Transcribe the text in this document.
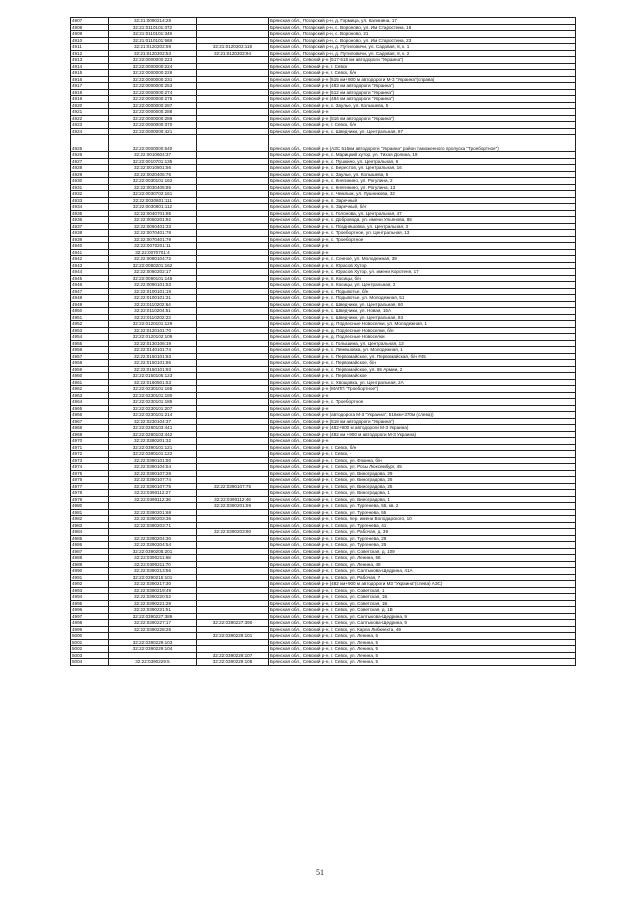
4907	32:21:0090214:28		Брянская обл., Погарский р-н, д. Гормица, ул. Калинина, 17
4908	32:21:0110101:372		Брянская обл., Погарский р-н, с. Вороново, ул. Им Старостина, 18
4909	32:21:0110101:349		Брянская обл., Погарский р-н, с. Вороново, 21
4910	32:21:0110101:568		Брянская обл., Погарский р-н, с. Вороново, ул. Им Старостина, 23
4911	32:21:0120202:59	32:21:0120202:118	Брянская обл., Погарский р-н, д. Путиловичи, ул. Садовая, 8, к. 1
4912	32:21:0120202:53	32:21:0120202:94	Брянская обл., Погарский р-н, д. Путиловичи, ул. Садовая, 8, к. 2
4913	32:22:0000000:223		Брянская обл., Севский р-н (517-518 км автодороги "Украина")
4914	32:22:0000000:224		Брянская обл., Севский р-н, г. Севск
4915	32:22:0000000:226		Брянская обл., Севский р-н, г. Севск, б/н
4916	32:22:0000000:231		Брянская обл., Севский р-н (515 км+900 м автодороги М-3 "Украина"(справа)
4917	32:22:0000000:253		Брянская обл., Севский р-н (483 км автодороги "Украина")
4918	32:22:0000000:274		Брянская обл., Севский р-н (512 км автодороги "Украина")
4919	32:22:0000000:275		Брянская обл., Севский р-н (484 км автодороги "Украина")
4920	32:22:0000000:287		Брянская обл., Севский р-н, с. Заулье, ул. Колышева, 5
4921	32:22:0000000:288		Брянская обл., Севский р-н
4922	32:22:0000000:289		Брянская обл., Севский р-н (516 км автодороги "Украина")
4923	32:22:0000000:370		Брянская обл., Севский р-н, г. Севск, б/н
4924	32:22:0000000:421		Брянская обл., Севский р-н, с. Шведчики, ул. Центральная, 87
4925	32:22:0000000:540		Брянская обл., Севский р-н (АЗС 515км автодороги "Украина" район таможенного пропуска "Троебортное")
4926	32:22:0010604:37		Брянская обл., Севский р-н, с. Марицкий хутор, ул. Тихая Долина, 19
4927	32:22:0010701:135		Брянская обл., Севский р-н, с. Пушкино, ул. Центральная, 6
4928	32:22:0010801:56		Брянская обл., Севский р-н, с. Берестов, ул. Центральная, 16
4929	32:22:0020406:76		Брянская обл., Севский р-н, с. Заулье, ул. Колышева, 5
4930	32:22:0030101:162		Брянская обл., Севский р-н, с. Княгинино, ул. Рогулина, 2
4931	32:22:0030405:85		Брянская обл., Севский р-н, с. Княгинино, ул. Рогулина, 13
4932	32:22:0030702:161		Брянская обл., Севский р-н, с. Чемлыж, ул. Лушникова, 32
4933	32:22:0030801:111		Брянская обл., Севский р-н, п. Заречный
4934	32:22:0030801:112		Брянская обл., Севский р-н, п. Заречный, б/н
4935	32:22:0040701:95		Брянская обл., Севский р-н, с. Голонова, ул. Центральная, 47
4936	32:22:0050201:92		Брянская обл., Севский р-н, с. Добровода, ул. имени Ульянова, 85
4937	32:22:0060401:33		Брянская обл., Севский р-н, с. Поздняшовка, ул. Центральная, 3
4938	32:22:0070401:78		Брянская обл., Севский р-н, с. Троебортное, ул. Центральная, 13
4939	32:22:0070401:79		Брянская обл., Севский р-н, с. Троебортное
4940	32:22:0070201:11		Брянская обл., Севский р-н
4941	32:22:0070701:4		Брянская обл., Севский р-н
4942	32:22:0080104:72		Брянская обл., Севский р-н, с. Сенное, ул. Молодежная, 39
4943	32:22:0080201:162		Брянская обл., Севский р-н, с. Юрасов Хутор
4944	32:22:0080202:17		Брянская обл., Севский р-н, с. Юрасов Хутор, ул. имени Коротеня, 17
4945	32:22:0090101:145		Брянская обл., Севский р-н, п. Косицы, б/н
4946	32:22:0090101:53		Брянская обл., Севский р-н, п. Косицы, ул. Центральная, 2
4947	32:22:0100101:19		Брянская обл., Севский р-н, с. Подывотье, б/н
4948	32:22:0100101:31		Брянская обл., Севский р-н, с. Подывотье, ул. Молодежная, 51
4949	32:22:0110202:64		Брянская обл., Севский р-н, с. Шведчики, ул. Центральная, 60
4950	32:22:0110204:51		Брянская обл., Севский р-н, с. Шведчики, ул. Новая, 15А
4951	32:22:0110202:23		Брянская обл., Севский р-н, с. Шведчики, ул. Центральная, 83
4952	32:22:0120101:129		Брянская обл., Севский р-н, д. Подлесные Новоселки, ул. Молодежная, 1
4953	32:22:0120101:70		Брянская обл., Севский р-н, д. Подлесные Новоселки, б/н
4954	32:22:0120102:109		Брянская обл., Севский р-н, д. Подлесные Новоселки
4955	32:22:0130106:19		Брянская обл., Севский р-н, с. Голышина, ул. Центральная, 13
4956	32:22:0140101:74		Брянская обл., Севский р-н, с. Лемешовка, ул. Молодежная, 1
4957	32:22:0150101:83		Брянская обл., Севский р-н, с. Первомайское, ул. Первомайская, б/н #45
4958	32:22:0150101:86		Брянская обл., Севский р-н, с. Первомайское, б/н
4959	32:22:0150101:93		Брянская обл., Севский р-н, с. Первомайское, ул. 65 Армии, 2
4960	32:22:0150105:123		Брянская обл., Севский р-н, с. Первомайское
4961	32:22:0160501:53		Брянская обл., Севский р-н, с. Хвощовка, ул. Центральная, 2А
4962	32:22:0230101:165		Брянская обл., Севский р-н (МАПП "Троебортное")
4963	32:22:0230101:180		Брянская обл., Севский р-н
4964	32:22:0230101:185		Брянская обл., Севский р-н, с. Троебортное
4965	32:22:0230101:207		Брянская обл., Севский р-н
4966	32:22:0230101:214		Брянская обл., Севский р-н (автодорога М-3 "Украина", 516км+370м (слева))
4967	32:22:0230104:37		Брянская обл., Севский р-н (518 км автодороги "Украина")
4968	32:22:0280103:441		Брянская обл., Севский р-н (482+900 м автодороги М-3 Украина)
4969	32:22:0280103:442		Брянская обл., Севский р-н (482 км +900 м автодороги М-3 Украина)
4970	32:22:0380201:32		Брянская обл., Севский р-н
4971	32:22:0390101:121		Брянская обл., Севский р-н, г. Севск, б/н
4972	32:22:0390101:122		Брянская обл., Севский р-н, г. Севск, -
4973	32:22:0390101:50		Брянская обл., Севский р-н, г. Севск, ул. Фокина, б/н
4974	32:22:0390104:54		Брянская обл., Севский р-н, г. Севск, ул. Розы Люксембург, 45
4975	32:22:0390107:28		Брянская обл., Севский р-н, г. Севск, ул. Виноградова, 29
4976	32:22:0390107:74		Брянская обл., Севский р-н, г. Севск, ул. Виноградова, 25
4977	32:22:0390107:75	32:22:0390107:75	Брянская обл., Севский р-н, г. Севск, ул. Виноградова, 25
4978	32:22:0390112:27		Брянская обл., Севский р-н, г. Севск, ул. Виноградова, 1
4979	32:22:0390112:36	32:22:0390112:46	Брянская обл., Севский р-н, г. Севск, ул. Виноградова, 1
4980		32:22:0390201:59	Брянская обл., Севский р-н, г. Севск, ул. Тургенева, 55, кв. 2
4981	32:22:0390201:68		Брянская обл., Севский р-н, г. Севск, ул. Тургенева, 55
4982	32:22:0390203:36		Брянская обл., Севский р-н, г. Севск, пер. имени Володарского, 10
4983	32:22:0390203:71		Брянская обл., Севский р-н, г. Севск, ул. Тургенева, 41
4984		32:22:0390203:90	Брянская обл., Севский р-н, г. Севск, ул. Рабочая, д. 39
4985	32:22:0390204:30		Брянская обл., Севский р-н, г. Севск, ул. Тургенева, 29
4986	32:22:0390204:54		Брянская обл., Севский р-н, г. Севск, ул. Тургенева, 25
4987	32:22:0390205:201		Брянская обл., Севский р-н, г. Севск, ул. Советская, д. 109
4988	32:22:0390211:68		Брянская обл., Севский р-н, г. Севск, ул. Ленина, 56
4989	32:22:0390211:70		Брянская обл., Севский р-н, г. Севск, ул. Ленина, 48
4990	32:22:0390213:56		Брянская обл., Севский р-н, г. Севск, ул. Салтыкова-Щедрина, 41А
4991	32:22:0390215:101		Брянская обл., Севский р-н, г. Севск, ул. Рабочая, 7
4992	32:22:0390217:30		Брянская обл., Севский р-н (482 км+900 м автодороги М3 "Украина"(слева) АЗС)
4993	32:22:0390219:49		Брянская обл., Севский р-н, г. Севск, ул. Советская, 1
4994	32:22:0390220:52		Брянская обл., Севский р-н, г. Севск, ул. Советская, 1Б
4995	32:22:0390221:29		Брянская обл., Севский р-н, г. Севск, ул. Советская, 1Б
4996	32:22:0390221:51		Брянская обл., Севский р-н, г. Севск, ул. Советская, д. 1В
4997	32:22:0390227:389		Брянская обл., Севский р-н, г. Севск, ул. Салтыкова-Щедрина, 9
4998	32:22:0390227:17	32:22:0390227:390	Брянская обл., Севский р-н, г. Севск, ул. Салтыкова-Щедрина, 9
4999	32:22:0390228:26		Брянская обл., Севский р-н, г. Севск, ул. Карла Либкнехта, 49
5000		32:22:0390229:101	Брянская обл., Севский р-н, г. Севск, ул. Ленина, 5
5001	32:22:0390229:103		Брянская обл., Севский р-н, г. Севск, ул. Ленина, 5
5002	32:22:0390229:104		Брянская обл., Севский р-н, г. Севск, ул. Ленина, 5
5003		32:22:0390229:107	Брянская обл., Севский р-н, г. Севск, ул. Ленина, 5
5004	32:22:0390229:5	32:22:0390229:108	Брянская обл., Севский р-н, г. Севск, ул. Ленина, 5
51
